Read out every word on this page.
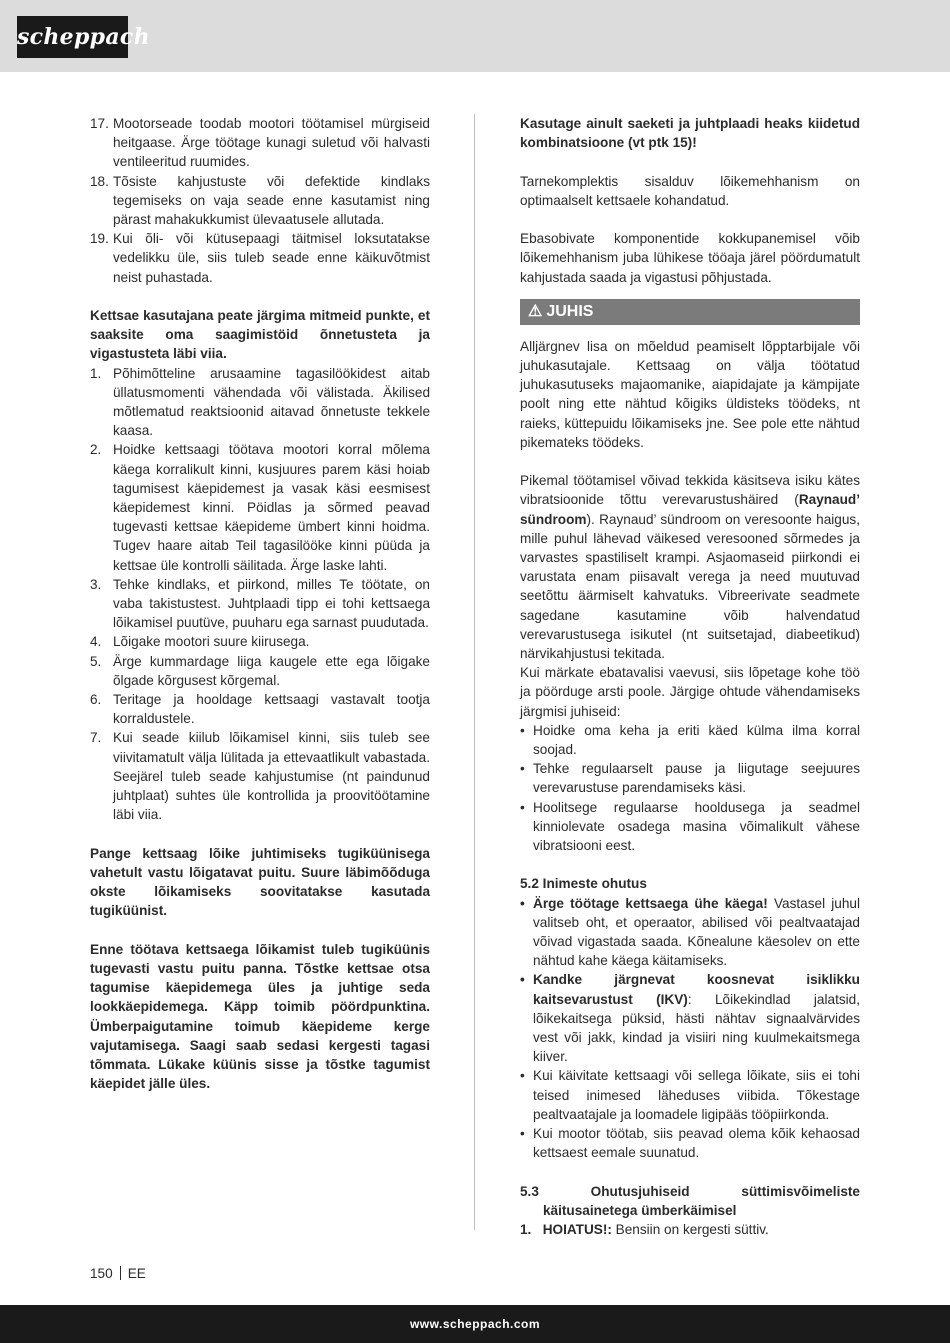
scheppach
17. Mootorseade toodab mootori töötamisel mürgiseid heitgaase. Ärge töötage kunagi suletud või halvasti ventileeritud ruumides.
18. Tõsiste kahjustuste või defektide kindlaks tegemiseks on vaja seade enne kasutamist ning pärast mahakukkumist ülevaatusele allutada.
19. Kui õli- või kütusepaagi täitmisel loksutatakse vedelikku üle, siis tuleb seade enne käikuvõtmist neist puhastada.

Kettsae kasutajana peate järgima mitmeid punkte, et saaksite oma saagimistöid õnnetusteta ja vigastusteta läbi viia.

1. Põhimõtteline arusaamine tagasilöökidest aitab üllatusmomenti vähendada või välistada. Äkilised mõtlematud reaktsioonid aitavad õnnetuste tekkele kaasa.
2. Hoidke kettsaagi töötava mootori korral mõlema käega korralikult kinni, kusjuures parem käsi hoiab tagumisest käepidemest ja vasak käsi eesmisest käepidemest kinni. Pöidlas ja sõrmed peavad tugevasti kettsae käepideme ümbert kinni hoidma. Tugev haare aitab Teil tagasilööke kinni püüda ja kettsae üle kontrolli säilitada. Ärge laske lahti.
3. Tehke kindlaks, et piirkond, milles Te töötate, on vaba takistustest. Juhtplaadi tipp ei tohi kettsaega lõikamisel puutüve, puuharu ega sarnast puudutada.
4. Lõigake mootori suure kiirusega.
5. Ärge kummardage liiga kaugele ette ega lõigake õlgade kõrgusest kõrgemal.
6. Teritage ja hooldage kettsaagi vastavalt tootja korraldustele.
7. Kui seade kiilub lõikamisel kinni, siis tuleb see viivitamatult välja lülitada ja ettevaatlikult vabastada. Seejärel tuleb seade kahjustumise (nt paindunud juhtplaat) suhtes üle kontrollida ja proovitöötamine läbi viia.

Pange kettsaag lõike juhtimiseks tugiküünisega vahetult vastu lõigatavat puitu. Suure läbimõõduga okste lõikamiseks soovitatakse kasutada tugiküünist.

Enne töötava kettsaega lõikamist tuleb tugiküünis tugevasti vastu puitu panna. Tõstke kettsae otsa tagumise käepidemega üles ja juhtige seda lookkäepidemega. Käpp toimib pöördpunktina. Ümberpaigutamine toimub käepideme kerge vajutamisega. Saagi saab sedasi kergesti tagasi tõmmata. Lükake küünis sisse ja tõstke tagumist käepidet jälle üles.

Kasutage ainult saeketi ja juhtplaadi heaks kiidetud kombinatsioone (vt ptk 15)!

Tarnekomplektis sisalduv lõikemehhanism on optimaalselt kettsaele kohandatud.

Ebasobivate komponentide kokkupanemisel võib lõikemehhanism juba lühikese tööaja järel pöördumatult kahjustada saada ja vigastusi põhjustada.

⚠ JUHIS

Alljärgnev lisa on mõeldud peamiselt lõpptarbijale või juhukasutajale. Kettsaag on välja töötatud juhukasutuseks majaomanike, aiapidajate ja kämpijate poolt ning ette nähtud kõigiks üldisteks töödeks, nt raieks, küttepuidu lõikamiseks jne. See pole ette nähtud pikemateks töödeks.

Pikemal töötamisel võivad tekkida käsitseva isiku kätes vibratsioonide tõttu verevarustushäired (Raynaud’ sündroom). Raynaud’ sündroom on veresoonte haigus, mille puhul lähevad väikesed veresooned sõrmedes ja varvastes spastiliselt krampi. Asjaomaseid piirkondi ei varustata enam piisavalt verega ja need muutuvad seetõttu äärmiselt kahvatuks. Vibreerivate seadmete sagedane kasutamine võib halvendatud verevarustusega isikutel (nt suitsetajad, diabeetikud) närvikahjustusi tekitada.

Kui märkate ebatavalisi vaevusi, siis lõpetage kohe töö ja pöörduge arsti poole. Järgige ohtude vähendamiseks järgmisi juhiseid:

• Hoidke oma keha ja eriti käed külma ilma korral soojad.
• Tehke regulaarselt pause ja liigutage seejuures verevarustuse parendamiseks käsi.
• Hoolitsege regulaarse hooldusega ja seadmel kinniolevate osadega masina võimalikult vähese vibratsiooni eest.

5.2 Inimeste ohutus

• Ärge töötage kettsaega ühe käega! Vastasel juhul valitseb oht, et operaator, abilised või pealtvaatajad võivad vigastada saada. Kõnealune käesolev on ette nähtud kahe käega käitamiseks.
• Kandke järgnevat koosnevat isiklikku kaitsevarustust (IKV): Lõikekindlad jalatsid, lõikekaitsega püksid, hästi nähtav signaalvärvides vest või jakk, kindad ja visiiri ning kuulmekaitsmega kiiver.
• Kui käivitate kettsaagi või sellega lõikate, siis ei tohi teised inimesed läheduses viibida. Tõkestage pealtvaatajale ja loomadele ligipääs tööpiirkonda.
• Kui mootor töötab, siis peavad olema kõik kehaosad kettsaest eemale suunatud.

5.3 Ohutusjuhiseid süttimisvõimeliste käitusainetega ümberkäimisel

1. HOIATUS!: Bensiin on kergesti süttiv.

150 EE
www.scheppach.com
